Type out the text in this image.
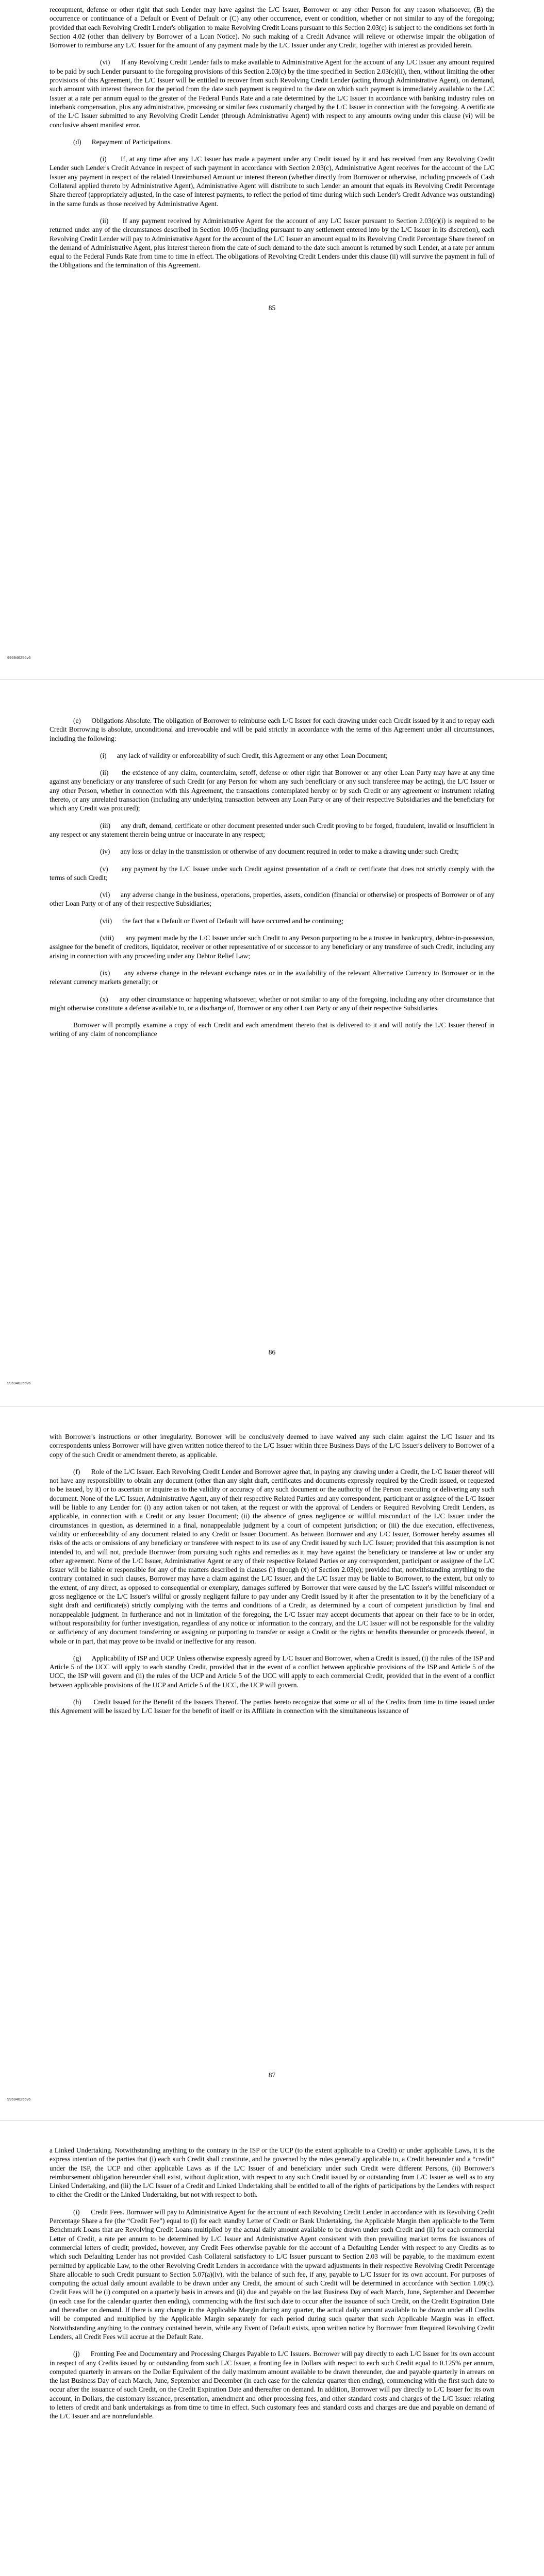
recoupment, defense or other right that such Lender may have against the L/C Issuer, Borrower or any other Person for any reason whatsoever, (B) the occurrence or continuance of a Default or Event of Default or (C) any other occurrence, event or condition, whether or not similar to any of the foregoing; provided that each Revolving Credit Lender's obligation to make Revolving Credit Loans pursuant to this Section 2.03(c) is subject to the conditions set forth in Section 4.02 (other than delivery by Borrower of a Loan Notice). No such making of a Credit Advance will relieve or otherwise impair the obligation of Borrower to reimburse any L/C Issuer for the amount of any payment made by the L/C Issuer under any Credit, together with interest as provided herein.

(vi)      If any Revolving Credit Lender fails to make available to Administrative Agent for the account of any L/C Issuer any amount required to be paid by such Lender pursuant to the foregoing provisions of this Section 2.03(c) by the time specified in Section 2.03(c)(ii), then, without limiting the other provisions of this Agreement, the L/C Issuer will be entitled to recover from such Revolving Credit Lender (acting through Administrative Agent), on demand, such amount with interest thereon for the period from the date such payment is required to the date on which such payment is immediately available to the L/C Issuer at a rate per annum equal to the greater of the Federal Funds Rate and a rate determined by the L/C Issuer in accordance with banking industry rules on interbank compensation, plus any administrative, processing or similar fees customarily charged by the L/C Issuer in connection with the foregoing. A certificate of the L/C Issuer submitted to any Revolving Credit Lender (through Administrative Agent) with respect to any amounts owing under this clause (vi) will be conclusive absent manifest error.

(d)      Repayment of Participations.

(i)      If, at any time after any L/C Issuer has made a payment under any Credit issued by it and has received from any Revolving Credit Lender such Lender's Credit Advance in respect of such payment in accordance with Section 2.03(c), Administrative Agent receives for the account of the L/C Issuer any payment in respect of the related Unreimbursed Amount or interest thereon (whether directly from Borrower or otherwise, including proceeds of Cash Collateral applied thereto by Administrative Agent), Administrative Agent will distribute to such Lender an amount that equals its Revolving Credit Percentage Share thereof (appropriately adjusted, in the case of interest payments, to reflect the period of time during which such Lender's Credit Advance was outstanding) in the same funds as those received by Administrative Agent.

(ii)      If any payment received by Administrative Agent for the account of any L/C Issuer pursuant to Section 2.03(c)(i) is required to be returned under any of the circumstances described in Section 10.05 (including pursuant to any settlement entered into by the L/C Issuer in its discretion), each Revolving Credit Lender will pay to Administrative Agent for the account of the L/C Issuer an amount equal to its Revolving Credit Percentage Share thereof on the demand of Administrative Agent, plus interest thereon from the date of such demand to the date such amount is returned by such Lender, at a rate per annum equal to the Federal Funds Rate from time to time in effect. The obligations of Revolving Credit Lenders under this clause (ii) will survive the payment in full of the Obligations and the termination of this Agreement.

85

996946256v6

(e)      Obligations Absolute. The obligation of Borrower to reimburse each L/C Issuer for each drawing under each Credit issued by it and to repay each Credit Borrowing is absolute, unconditional and irrevocable and will be paid strictly in accordance with the terms of this Agreement under all circumstances, including the following:

(i)      any lack of validity or enforceability of such Credit, this Agreement or any other Loan Document;

(ii)      the existence of any claim, counterclaim, setoff, defense or other right that Borrower or any other Loan Party may have at any time against any beneficiary or any transferee of such Credit (or any Person for whom any such beneficiary or any such transferee may be acting), the L/C Issuer or any other Person, whether in connection with this Agreement, the transactions contemplated hereby or by such Credit or any agreement or instrument relating thereto, or any unrelated transaction (including any underlying transaction between any Loan Party or any of their respective Subsidiaries and the beneficiary for which any Credit was procured);

(iii)      any draft, demand, certificate or other document presented under such Credit proving to be forged, fraudulent, invalid or insufficient in any respect or any statement therein being untrue or inaccurate in any respect;

(iv)      any loss or delay in the transmission or otherwise of any document required in order to make a drawing under such Credit;

(v)      any payment by the L/C Issuer under such Credit against presentation of a draft or certificate that does not strictly comply with the terms of such Credit;

(vi)      any adverse change in the business, operations, properties, assets, condition (financial or otherwise) or prospects of Borrower or of any other Loan Party or of any of their respective Subsidiaries;

(vii)      the fact that a Default or Event of Default will have occurred and be continuing;

(viii)      any payment made by the L/C Issuer under such Credit to any Person purporting to be a trustee in bankruptcy, debtor-in-possession, assignee for the benefit of creditors, liquidator, receiver or other representative of or successor to any beneficiary or any transferee of such Credit, including any arising in connection with any proceeding under any Debtor Relief Law;

(ix)      any adverse change in the relevant exchange rates or in the availability of the relevant Alternative Currency to Borrower or in the relevant currency markets generally; or

(x)      any other circumstance or happening whatsoever, whether or not similar to any of the foregoing, including any other circumstance that might otherwise constitute a defense available to, or a discharge of, Borrower or any other Loan Party or any of their respective Subsidiaries.

Borrower will promptly examine a copy of each Credit and each amendment thereto that is delivered to it and will notify the L/C Issuer thereof in writing of any claim of noncompliance

86

996946256v6

with Borrower's instructions or other irregularity. Borrower will be conclusively deemed to have waived any such claim against the L/C Issuer and its correspondents unless Borrower will have given written notice thereof to the L/C Issuer within three Business Days of the L/C Issuer's delivery to Borrower of a copy of the such Credit or amendment thereto, as applicable.

(f)      Role of the L/C Issuer. Each Revolving Credit Lender and Borrower agree that, in paying any drawing under a Credit, the L/C Issuer thereof will not have any responsibility to obtain any document (other than any sight draft, certificates and documents expressly required by the Credit issued, or requested to be issued, by it) or to ascertain or inquire as to the validity or accuracy of any such document or the authority of the Person executing or delivering any such document. None of the L/C Issuer, Administrative Agent, any of their respective Related Parties and any correspondent, participant or assignee of the L/C Issuer will be liable to any Lender for: (i) any action taken or not taken, at the request or with the approval of Lenders or Required Revolving Credit Lenders, as applicable, in connection with a Credit or any Issuer Document; (ii) the absence of gross negligence or willful misconduct of the L/C Issuer under the circumstances in question, as determined in a final, nonappealable judgment by a court of competent jurisdiction; or (iii) the due execution, effectiveness, validity or enforceability of any document related to any Credit or Issuer Document. As between Borrower and any L/C Issuer, Borrower hereby assumes all risks of the acts or omissions of any beneficiary or transferee with respect to its use of any Credit issued by such L/C Issuer; provided that this assumption is not intended to, and will not, preclude Borrower from pursuing such rights and remedies as it may have against the beneficiary or transferee at law or under any other agreement. None of the L/C Issuer, Administrative Agent or any of their respective Related Parties or any correspondent, participant or assignee of the L/C Issuer will be liable or responsible for any of the matters described in clauses (i) through (x) of Section 2.03(e); provided that, notwithstanding anything to the contrary contained in such clauses, Borrower may have a claim against the L/C Issuer, and the L/C Issuer may be liable to Borrower, to the extent, but only to the extent, of any direct, as opposed to consequential or exemplary, damages suffered by Borrower that were caused by the L/C Issuer's willful misconduct or gross negligence or the L/C Issuer's willful or grossly negligent failure to pay under any Credit issued by it after the presentation to it by the beneficiary of a sight draft and certificate(s) strictly complying with the terms and conditions of a Credit, as determined by a court of competent jurisdiction by final and nonappealable judgment. In furtherance and not in limitation of the foregoing, the L/C Issuer may accept documents that appear on their face to be in order, without responsibility for further investigation, regardless of any notice or information to the contrary, and the L/C Issuer will not be responsible for the validity or sufficiency of any document transferring or assigning or purporting to transfer or assign a Credit or the rights or benefits thereunder or proceeds thereof, in whole or in part, that may prove to be invalid or ineffective for any reason.

(g)      Applicability of ISP and UCP. Unless otherwise expressly agreed by L/C Issuer and Borrower, when a Credit is issued, (i) the rules of the ISP and Article 5 of the UCC will apply to each standby Credit, provided that in the event of a conflict between applicable provisions of the ISP and Article 5 of the UCC, the ISP will govern and (ii) the rules of the UCP and Article 5 of the UCC will apply to each commercial Credit, provided that in the event of a conflict between applicable provisions of the UCP and Article 5 of the UCC, the UCP will govern.

(h)      Credit Issued for the Benefit of the Issuers Thereof. The parties hereto recognize that some or all of the Credits from time to time issued under this Agreement will be issued by L/C Issuer for the benefit of itself or its Affiliate in connection with the simultaneous issuance of

87

996946256v6

a Linked Undertaking. Notwithstanding anything to the contrary in the ISP or the UCP (to the extent applicable to a Credit) or under applicable Laws, it is the express intention of the parties that (i) each such Credit shall constitute, and be governed by the rules generally applicable to, a Credit hereunder and a “credit” under the ISP, the UCP and other applicable Laws as if the L/C Issuer of and beneficiary under such Credit were different Persons, (ii) Borrower's reimbursement obligation hereunder shall exist, without duplication, with respect to any such Credit issued by or outstanding from L/C Issuer as well as to any Linked Undertaking, and (iii) the L/C Issuer of a Credit and Linked Undertaking shall be entitled to all of the rights of participations by the Lenders with respect to either the Credit or the Linked Undertaking, but not with respect to both.

(i)      Credit Fees. Borrower will pay to Administrative Agent for the account of each Revolving Credit Lender in accordance with its Revolving Credit Percentage Share a fee (the “Credit Fee”) equal to (i) for each standby Letter of Credit or Bank Undertaking, the Applicable Margin then applicable to the Term Benchmark Loans that are Revolving Credit Loans multiplied by the actual daily amount available to be drawn under such Credit and (ii) for each commercial Letter of Credit, a rate per annum to be determined by L/C Issuer and Administrative Agent consistent with then prevailing market terms for issuances of commercial letters of credit; provided, however, any Credit Fees otherwise payable for the account of a Defaulting Lender with respect to any Credits as to which such Defaulting Lender has not provided Cash Collateral satisfactory to L/C Issuer pursuant to Section 2.03 will be payable, to the maximum extent permitted by applicable Law, to the other Revolving Credit Lenders in accordance with the upward adjustments in their respective Revolving Credit Percentage Share allocable to such Credit pursuant to Section 5.07(a)(iv), with the balance of such fee, if any, payable to L/C Issuer for its own account. For purposes of computing the actual daily amount available to be drawn under any Credit, the amount of such Credit will be determined in accordance with Section 1.09(c). Credit Fees will be (i) computed on a quarterly basis in arrears and (ii) due and payable on the last Business Day of each March, June, September and December (in each case for the calendar quarter then ending), commencing with the first such date to occur after the issuance of such Credit, on the Credit Expiration Date and thereafter on demand. If there is any change in the Applicable Margin during any quarter, the actual daily amount available to be drawn under all Credits will be computed and multiplied by the Applicable Margin separately for each period during such quarter that such Applicable Margin was in effect. Notwithstanding anything to the contrary contained herein, while any Event of Default exists, upon written notice by Borrower from Required Revolving Credit Lenders, all Credit Fees will accrue at the Default Rate.

(j)      Fronting Fee and Documentary and Processing Charges Payable to L/C Issuers. Borrower will pay directly to each L/C Issuer for its own account in respect of any Credits issued by or outstanding from such L/C Issuer, a fronting fee in Dollars with respect to each such Credit equal to 0.125% per annum, computed quarterly in arrears on the Dollar Equivalent of the daily maximum amount available to be drawn thereunder, due and payable quarterly in arrears on the last Business Day of each March, June, September and December (in each case for the calendar quarter then ending), commencing with the first such date to occur after the issuance of such Credit, on the Credit Expiration Date and thereafter on demand. In addition, Borrower will pay directly to L/C Issuer for its own account, in Dollars, the customary issuance, presentation, amendment and other processing fees, and other standard costs and charges of the L/C Issuer relating to letters of credit and bank undertakings as from time to time in effect. Such customary fees and standard costs and charges are due and payable on demand of the L/C Issuer and are nonrefundable.
